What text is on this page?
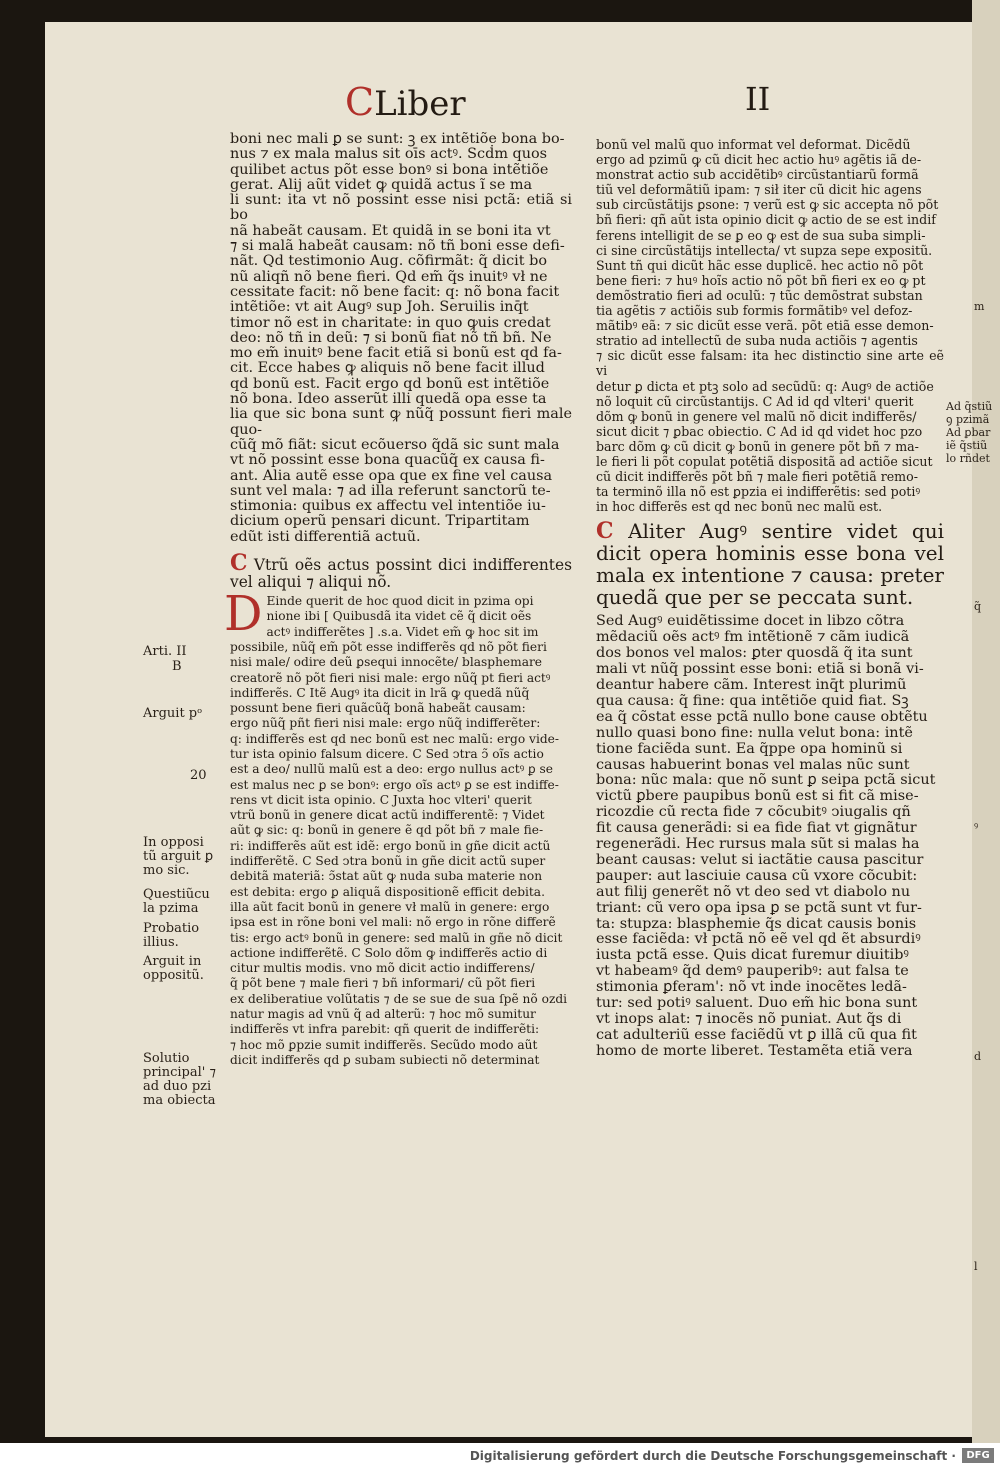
m
q̃
ꝰ
d
l
CLiber	II
Arti. II
B
Arguit pᵒ
20
In opposi
tũ arguit ꝑ
mo sic.
Questiũcu
la pzima
Probatio
illius.
Arguit in
oppositũ.
Solutio
principal' ⁊
ad duo pzi
ma obiecta
Ad q̃stiũ
ꝯ pzimã
Ad ꝑbar
iẽ q̃stiũ
lo rñdet

boni nec mali ꝑ se sunt: ꝫ ex intẽtiõe bona bo-

nus ⁊ ex mala malus sit oīs actꝰ. Scḋm quos

quilibet actus põt esse bonꝰ si bona intẽtiõe

gerat. Alij aũt videt ꝙ quidã actus ĩ se ma

li sunt: ita vt nõ possint esse nisi pctã: etiã si bo

nã habeãt causam. Et quidã in se boni ita vt

⁊ si malã habeãt causam: nõ tñ boni esse defi-

nãt. Qd testimonio Aug. cõfirmãt: q̃ dicit bo

nũ aliqñ nõ bene fieri. Qd em̃ q̃s inuitꝰ vł ne

cessitate facit: nõ bene facit: q: nõ bona facit

intẽtiõe: vt ait Augꝰ sup Joh. Seruilis inq̄t

timor nõ est in charitate: in quo ꝙuis credat

deo: nõ tñ in deũ: ⁊ si bonũ fiat nõ tñ bñ. Ne

mo em̃ inuitꝰ bene facit etiã si bonũ est qd fa-

cit. Ecce habes ꝙ aliquis nõ bene facit illud

qd bonũ est. Facit ergo qd bonũ est intẽtiõe

nõ bona. Ideo asserũt illi quedã opa esse ta

lia que sic bona sunt ꝙ nũq̃ possunt fieri male quo-

cũq̃ mõ fiãt: sicut ecõuerso q̃dã sic sunt mala

vt nõ possint esse bona quacũq̃ ex causa fi-

ant. Alia autẽ esse opa que ex fine vel causa

sunt vel mala: ⁊ ad illa referunt sanctorũ te-

stimonia: quibus ex affectu vel intentiõe iu-

dicium operũ pensari dicunt. Tripartitam

edũt isti differentiã actuũ.

C Vtrũ oẽs actus possint dici indifferentes vel aliqui ⁊ aliqui nõ.
D Einde querit de hoc quod dicit in pzima opi

nione ibi [ Quibusdã ita videt cẽ q̃ dicit oẽs

actꝰ indifferẽtes ] .s.a. Videt em̃ ꝙ hoc sit im

possibile, nũq̃ em̃ põt esse indifferẽs qd nõ põt fieri

nisi male/ odire deũ ꝑsequi innocẽte/ blasphemare

creatorẽ nõ põt fieri nisi male: ergo nũq̃ pt fieri actꝰ

indifferẽs. C Itẽ Augꝰ ita dicit in lrã ꝙ quedã nũq̃

possunt bene fieri quãcũq̃ bonã habeãt causam:

ergo nũq̃ pñt fieri nisi male: ergo nũq̃ indifferẽter:

q: indifferẽs est qd nec bonũ est nec malũ: ergo vide-

tur ista opinio falsum dicere. C Sed ↄtra ↄ̃ oĩs actio

est a deo/ nullũ malũ est a deo: ergo nullus actꝰ ꝑ se

est malus nec ꝑ se bonꝰ: ergo oĩs actꝰ ꝑ se est indiffe-

rens vt dicit ista opinio. C Juxta hoc vlteri' querit

vtrũ bonũ in genere dicat actũ indifferentẽ: ⁊ Videt

aũt ꝙ sic: q: bonũ in genere ẽ qd põt bñ ⁊ male fie-

ri: indifferẽs aũt est idẽ: ergo bonũ in gñe dicit actũ

indifferẽtẽ. C Sed ↄtra bonũ in gñe dicit actũ super

debitã materiã: ↄ̃stat aũt ꝙ nuda suba materie non

est debita: ergo ꝑ aliquã dispositionẽ efficit debita.

illa aũt facit bonũ in genere vł malũ in genere: ergo

ipsa est in rõne boni vel mali: nõ ergo in rõne differẽ

tis: ergo actꝰ bonũ in genere: sed malũ in gñe nõ dicit

actione indifferẽtẽ. C Solo dõm ꝙ indifferẽs actio di

citur multis modis. vno mõ dicit actio indifferens/

q̃ põt bene ⁊ male fieri ⁊ bñ informari/ cũ põt fieri

ex deliberatiue volũtatis ⁊ de se sue de sua ſpẽ nõ ozdi

natur magis ad vnũ q̃ ad alterũ: ⁊ hoc mõ sumitur

indifferẽs vt infra parebit: qñ querit de indifferẽti:

⁊ hoc mõ ꝑpzie sumit indifferẽs. Secũdo modo aũt

dicit indifferẽs qd ꝑ subam subiecti nõ determinat

bonũ vel malũ quo informat vel deformat. Dicẽdũ

ergo ad pzimũ ꝙ cũ dicit hec actio huꝰ agẽtis iã de-

monstrat actio sub accidẽtibꝰ circũstantiarũ formã

tiũ vel deformãtiũ ipam: ⁊ sił iter cũ dicit hic agens

sub circũstãtijs ꝑsone: ⁊ verũ est ꝙ sic accepta nõ põt

bñ fieri: qñ aũt ista opinio dicit ꝙ actio de se est indif

ferens intelligit de se ꝑ eo ꝙ est de sua suba simpli-

ci sine circũstãtijs intellecta/ vt supza sepe expositũ.

Sunt tñ qui dicũt hãc esse duplicẽ. hec actio nõ põt

bene fieri: ⁊ huꝰ hoĩs actio nõ põt bñ fieri ex eo ꝙ pt

demõstratio fieri ad oculũ: ⁊ tũc demõstrat substan

tia agẽtis ⁊ actiõis sub formis formãtibꝰ vel defoz-

mãtibꝰ eã: ⁊ sic dicũt esse verã. põt etiã esse demon-

stratio ad intellectũ de suba nuda actiõis ⁊ agentis

⁊ sic dicũt esse falsam: ita hec distinctio sine arte eẽ vi

detur ꝑ dicta et ptꝫ solo ad secũdũ: q: Augꝰ de actiõe

nõ loquit cũ circũstantijs. C Ad id qd vlteri' querit

dõm ꝙ bonũ in genere vel malũ nõ dicit indifferẽs/

sicut dicit ⁊ ꝑbac obiectio. C Ad id qd videt hoc pzo

barc dõm ꝙ cũ dicit ꝙ bonũ in genere põt bñ ⁊ ma-

le fieri li põt copulat potẽtiã dispositã ad actiõe sicut

cũ dicit indifferẽs põt bñ ⁊ male fieri potẽtiã remo-

ta terminõ illa nõ est ꝑpzia ei indifferẽtis: sed potiꝰ

in hoc differẽs est qd nec bonũ nec malũ est.

C Aliter Augꝰ sentire videt qui dicit opera hominis esse bona vel mala ex intentione ⁊ causa: preter quedã que per se peccata sunt.

Sed Augꝰ euidẽtissime docet in libzo cõtra

mẽdaciũ oẽs actꝰ fm intẽtionẽ ⁊ cãm iudicã

dos bonos vel malos: ꝑter quosdã q̃ ita sunt

mali vt nũq̃ possint esse boni: etiã si bonã vi-

deantur habere cãm. Interest inq̄t plurimũ

qua causa: q̃ fine: qua intẽtiõe quid fiat. Sꝫ

ea q̃ cõstat esse pctã nullo bone cause obtẽtu

nullo quasi bono fine: nulla velut bona: intẽ

tione faciẽda sunt. Ea q̃ppe opa hominũ si

causas habuerint bonas vel malas nũc sunt

bona: nũc mala: que nõ sunt ꝑ seipa pctã sicut

victũ ꝑbere paupibus bonũ est si fit cã mise-

ricozdie cũ recta fide ⁊ cõcubitꝰ ↄiugalis qñ

fit causa generãdi: si ea fide fiat vt gignãtur

regenerãdi. Hec rursus mala sũt si malas ha

beant causas: velut si iactãtie causa pascitur

pauper: aut lasciuie causa cũ vxore cõcubit:

aut filij generẽt nõ vt deo sed vt diabolo nu

triant: cũ vero opa ipsa ꝑ se pctã sunt vt fur-

ta: stupza: blasphemie q̃s dicat causis bonis

esse faciẽda: vł pctã nõ eẽ vel qd ẽt absurdiꝰ

iusta pctã esse. Quis dicat furemur diuitibꝰ

vt habeamꝰ q̃d demꝰ pauperibꝰ: aut falsa te

stimonia ꝑferam': nõ vt inde inocẽtes ledã-

tur: sed potiꝰ saluent. Duo em̃ hic bona sunt

vt inops alat: ⁊ inocẽs nõ puniat. Aut q̃s di

cat adulteriũ esse faciẽdũ vt ꝑ illã cũ qua fit

homo de morte liberet. Testamẽta etiã vera

Digitalisierung gefördert durch die Deutsche Forschungsgemeinschaft ·	DFG
